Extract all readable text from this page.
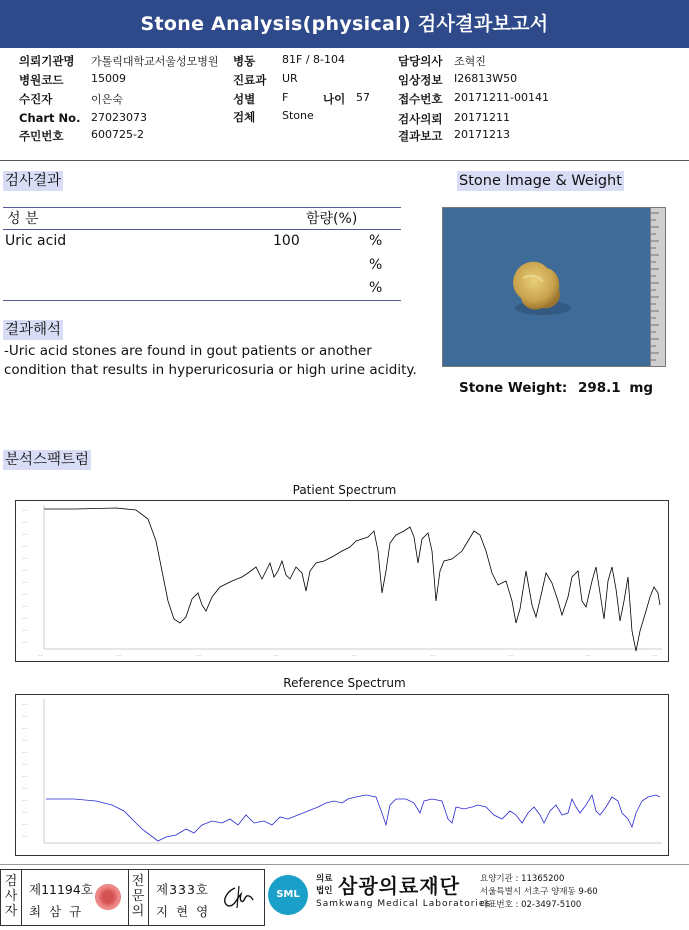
Stone Analysis(physical) 검사결과보고서
의뢰기관명 가톨릭대학교서울성모병원 병동 81F / 8-104	담당의사 조혁진
병원코드	15009	진료과 UR	임상정보 I26813W50
수진자	이은숙	성별 F	나이 57 접수번호 20171211-00141
Chart No. 27023073	검체 Stone	검사의뢰 20171211
주민번호	600725-2	결과보고 20171213
검사결과	Stone Image & Weight
성 분	함량(%)
Uric acid	100	%
%
%
결과해석
-Uric acid stones are found in gout patients or another
condition that results in hyperuricosuria or high urine acidity.
Stone Weight: 298.1 mg
분석스팩트럼
Patient Spectrum
----
----
----
----
----
----
----
----
----
----
----
----
----	----	----	----	----	----	----	----	----
Reference Spectrum
----
----
----
----
----
----
----
----
----
----
----
----
검사자
제11194호
최 삼 규
전문의
제333호
지 현 영
SML
의료
법인 삼광의료재단
Samkwang Medical Laboratories
요양기관 : 11365200
서울특별시 서초구 양재동 9-60
대표번호 : 02-3497-5100
